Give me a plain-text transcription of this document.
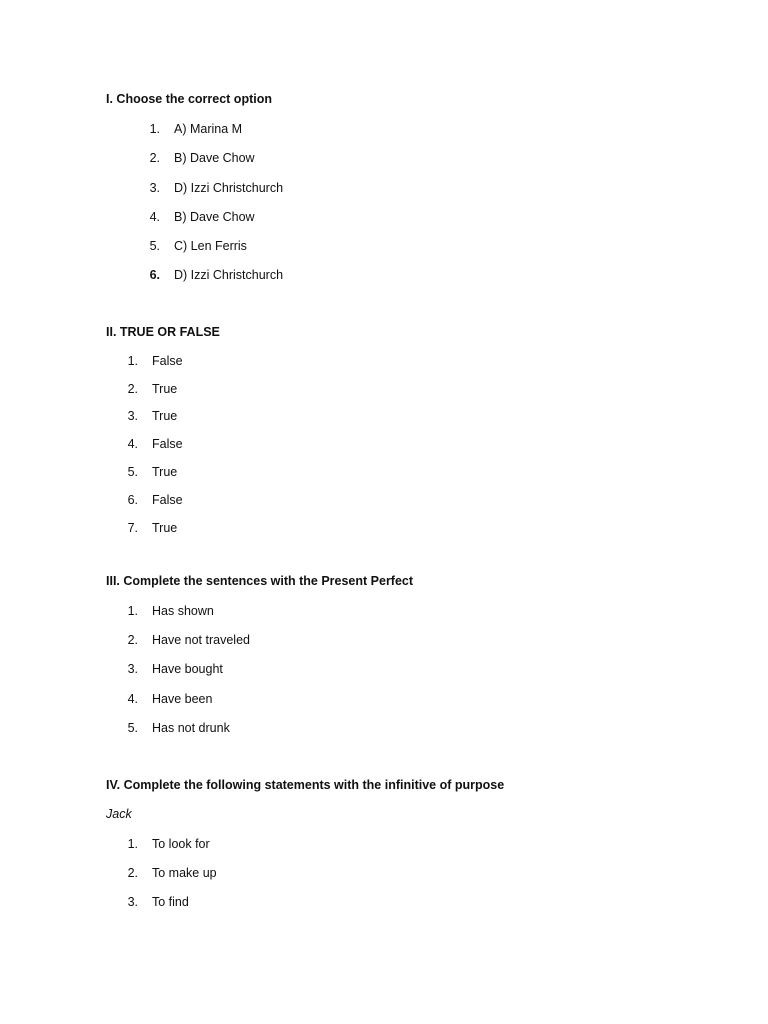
I. Choose the correct option
1. A) Marina M
2. B) Dave Chow
3. D) Izzi Christchurch
4. B) Dave Chow
5. C) Len Ferris
6. D) Izzi Christchurch
II. TRUE OR FALSE
1. False
2. True
3. True
4. False
5. True
6. False
7. True
III. Complete the sentences with the Present Perfect
1. Has shown
2. Have not traveled
3. Have bought
4. Have been
5. Has not drunk
IV. Complete the following statements with the infinitive of purpose
Jack
1. To look for
2. To make up
3. To find
